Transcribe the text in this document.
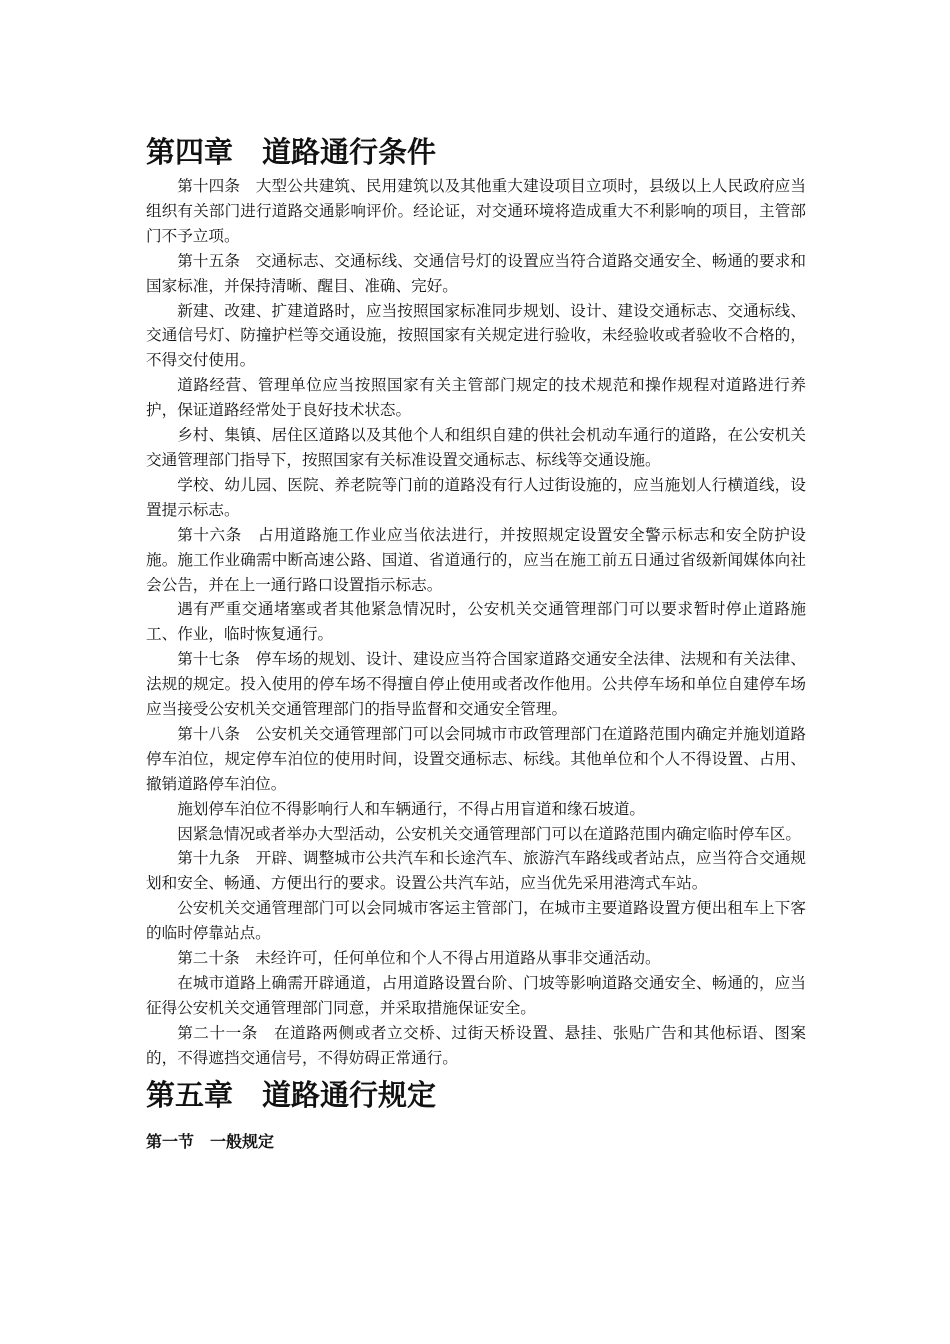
第四章　道路通行条件

第十四条　大型公共建筑、民用建筑以及其他重大建设项目立项时，县级以上人民政府应当组织有关部门进行道路交通影响评价。经论证，对交通环境将造成重大不利影响的项目，主管部门不予立项。

第十五条　交通标志、交通标线、交通信号灯的设置应当符合道路交通安全、畅通的要求和国家标准，并保持清晰、醒目、准确、完好。

新建、改建、扩建道路时，应当按照国家标准同步规划、设计、建设交通标志、交通标线、交通信号灯、防撞护栏等交通设施，按照国家有关规定进行验收，未经验收或者验收不合格的，不得交付使用。

道路经营、管理单位应当按照国家有关主管部门规定的技术规范和操作规程对道路进行养护，保证道路经常处于良好技术状态。

乡村、集镇、居住区道路以及其他个人和组织自建的供社会机动车通行的道路，在公安机关交通管理部门指导下，按照国家有关标准设置交通标志、标线等交通设施。

学校、幼儿园、医院、养老院等门前的道路没有行人过街设施的，应当施划人行横道线，设置提示标志。

第十六条　占用道路施工作业应当依法进行，并按照规定设置安全警示标志和安全防护设施。施工作业确需中断高速公路、国道、省道通行的，应当在施工前五日通过省级新闻媒体向社会公告，并在上一通行路口设置指示标志。

遇有严重交通堵塞或者其他紧急情况时，公安机关交通管理部门可以要求暂时停止道路施工、作业，临时恢复通行。

第十七条　停车场的规划、设计、建设应当符合国家道路交通安全法律、法规和有关法律、法规的规定。投入使用的停车场不得擅自停止使用或者改作他用。公共停车场和单位自建停车场应当接受公安机关交通管理部门的指导监督和交通安全管理。

第十八条　公安机关交通管理部门可以会同城市市政管理部门在道路范围内确定并施划道路停车泊位，规定停车泊位的使用时间，设置交通标志、标线。其他单位和个人不得设置、占用、撤销道路停车泊位。

施划停车泊位不得影响行人和车辆通行，不得占用盲道和缘石坡道。

因紧急情况或者举办大型活动，公安机关交通管理部门可以在道路范围内确定临时停车区。

第十九条　开辟、调整城市公共汽车和长途汽车、旅游汽车路线或者站点，应当符合交通规划和安全、畅通、方便出行的要求。设置公共汽车站，应当优先采用港湾式车站。

公安机关交通管理部门可以会同城市客运主管部门，在城市主要道路设置方便出租车上下客的临时停靠站点。

第二十条　未经许可，任何单位和个人不得占用道路从事非交通活动。

在城市道路上确需开辟通道，占用道路设置台阶、门坡等影响道路交通安全、畅通的，应当征得公安机关交通管理部门同意，并采取措施保证安全。

第二十一条　在道路两侧或者立交桥、过街天桥设置、悬挂、张贴广告和其他标语、图案的，不得遮挡交通信号，不得妨碍正常通行。

第五章　道路通行规定
第一节　一般规定
